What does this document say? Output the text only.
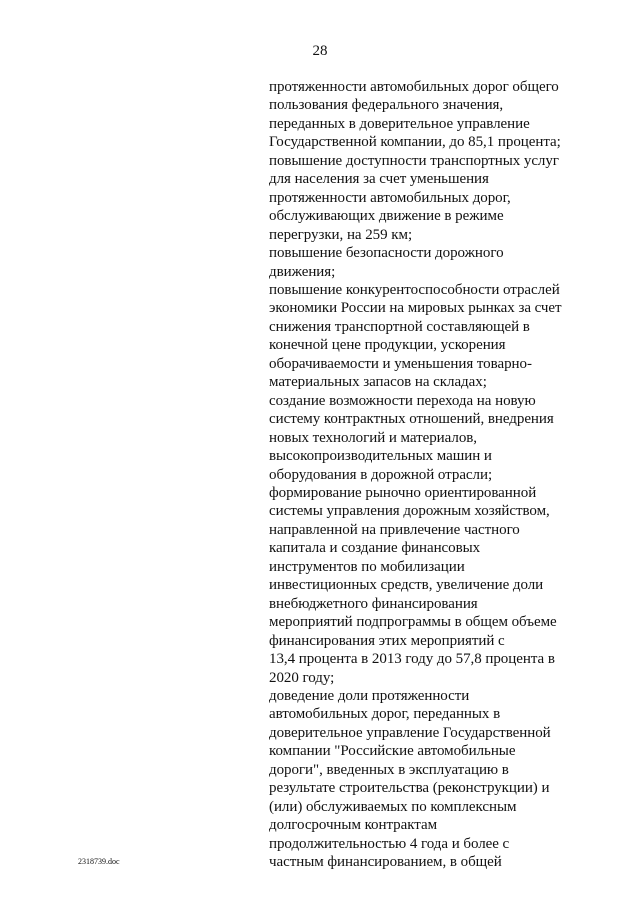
28
протяженности автомобильных дорог общего
пользования федерального значения,
переданных в доверительное управление
Государственной компании, до 85,1 процента;
повышение доступности транспортных услуг
для населения за счет уменьшения
протяженности автомобильных дорог,
обслуживающих движение в режиме
перегрузки, на 259 км;
повышение безопасности дорожного
движения;
повышение конкурентоспособности отраслей
экономики России на мировых рынках за счет
снижения транспортной составляющей в
конечной цене продукции, ускорения
оборачиваемости и уменьшения товарно-
материальных запасов на складах;
создание возможности перехода на новую
систему контрактных отношений, внедрения
новых технологий и материалов,
высокопроизводительных машин и
оборудования в дорожной отрасли;
формирование рыночно ориентированной
системы управления дорожным хозяйством,
направленной на привлечение частного
капитала и создание финансовых
инструментов по мобилизации
инвестиционных средств, увеличение доли
внебюджетного финансирования
мероприятий подпрограммы в общем объеме
финансирования этих мероприятий с
13,4 процента в 2013 году до 57,8 процента в
2020 году;
доведение доли протяженности
автомобильных дорог, переданных в
доверительное управление Государственной
компании "Российские автомобильные
дороги", введенных в эксплуатацию в
результате строительства (реконструкции) и
(или) обслуживаемых по комплексным
долгосрочным контрактам
продолжительностью 4 года и более с
частным финансированием, в общей
2318739.doc
